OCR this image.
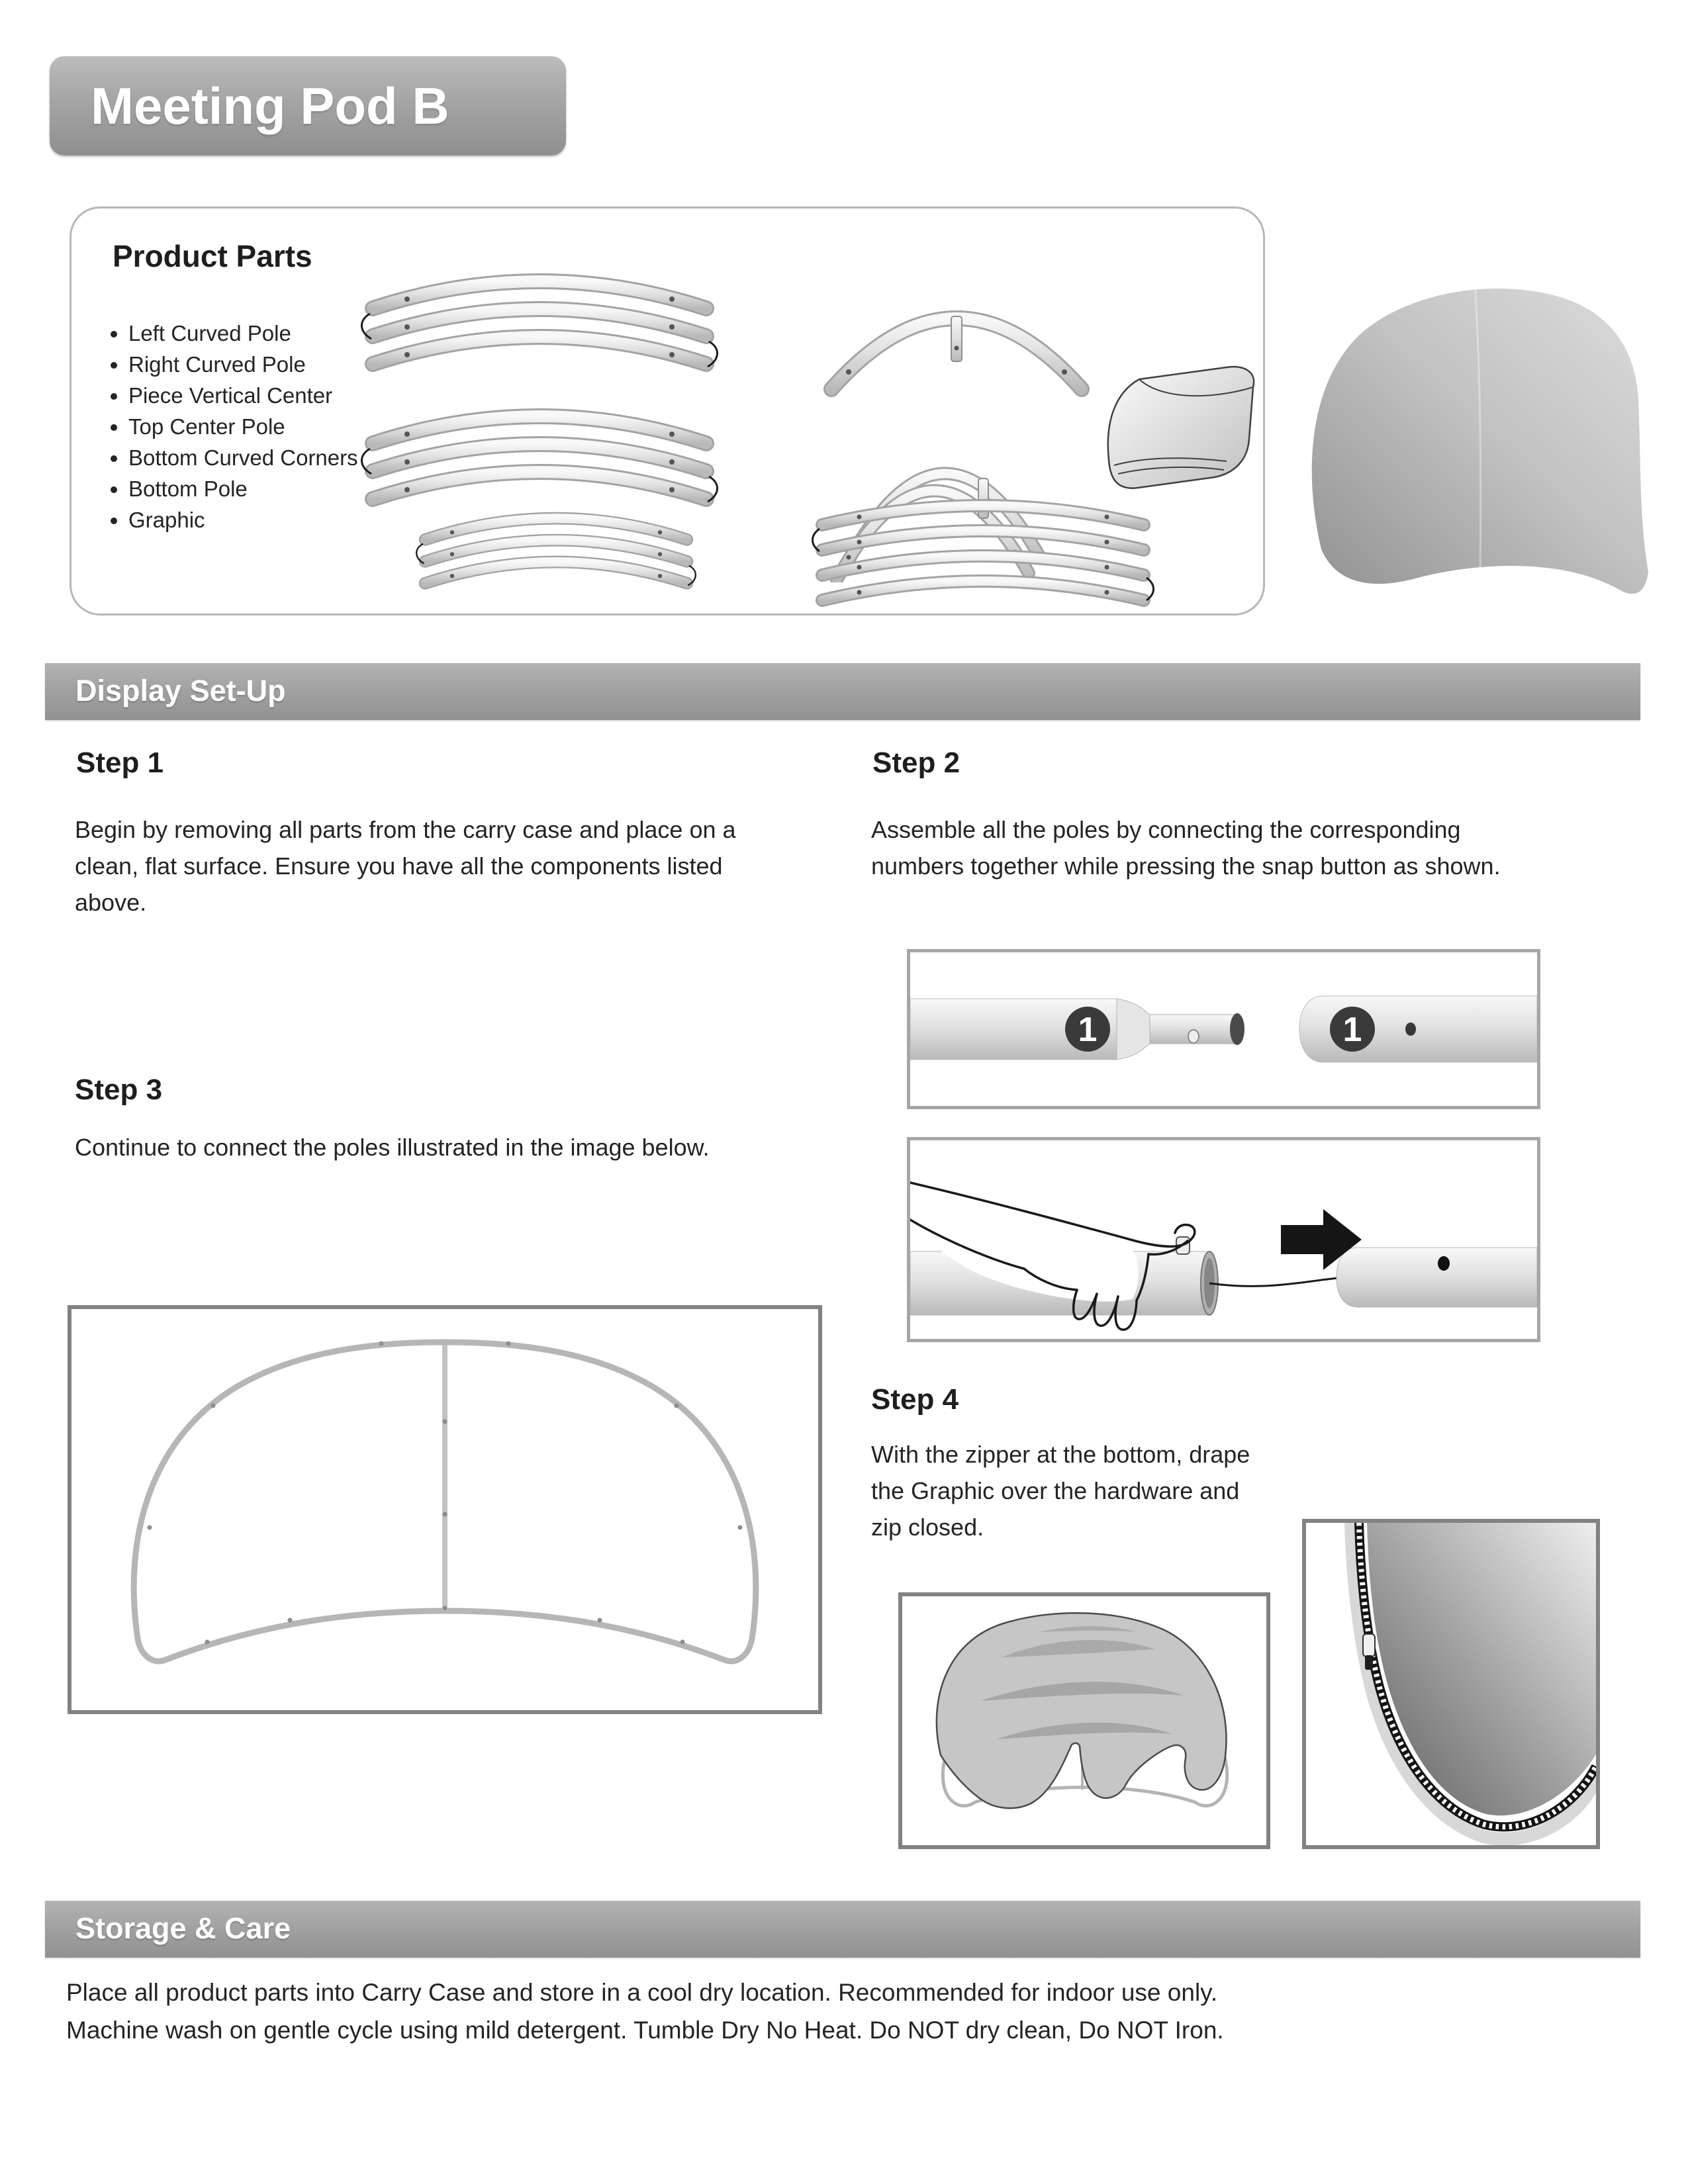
Meeting Pod B
Product Parts
• Left Curved Pole
• Right Curved Pole
• Piece Vertical Center
• Top Center Pole
• Bottom Curved Corners
• Bottom Pole
• Graphic
Display Set-Up
Step 1
Begin by removing all parts from the carry case and place on a clean, flat surface. Ensure you have all the components listed above.
Step 2
Assemble all the poles by connecting the corresponding numbers together while pressing the snap button as shown.
1	1
Step 3
Continue to connect the poles illustrated in the image below.
Step 4
With the zipper at the bottom, drape the Graphic over the hardware and zip closed.
Storage & Care

Place all product parts into Carry Case and store in a cool dry location. Recommended for indoor use only.

Machine wash on gentle cycle using mild detergent. Tumble Dry No Heat. Do NOT dry clean, Do NOT Iron.
